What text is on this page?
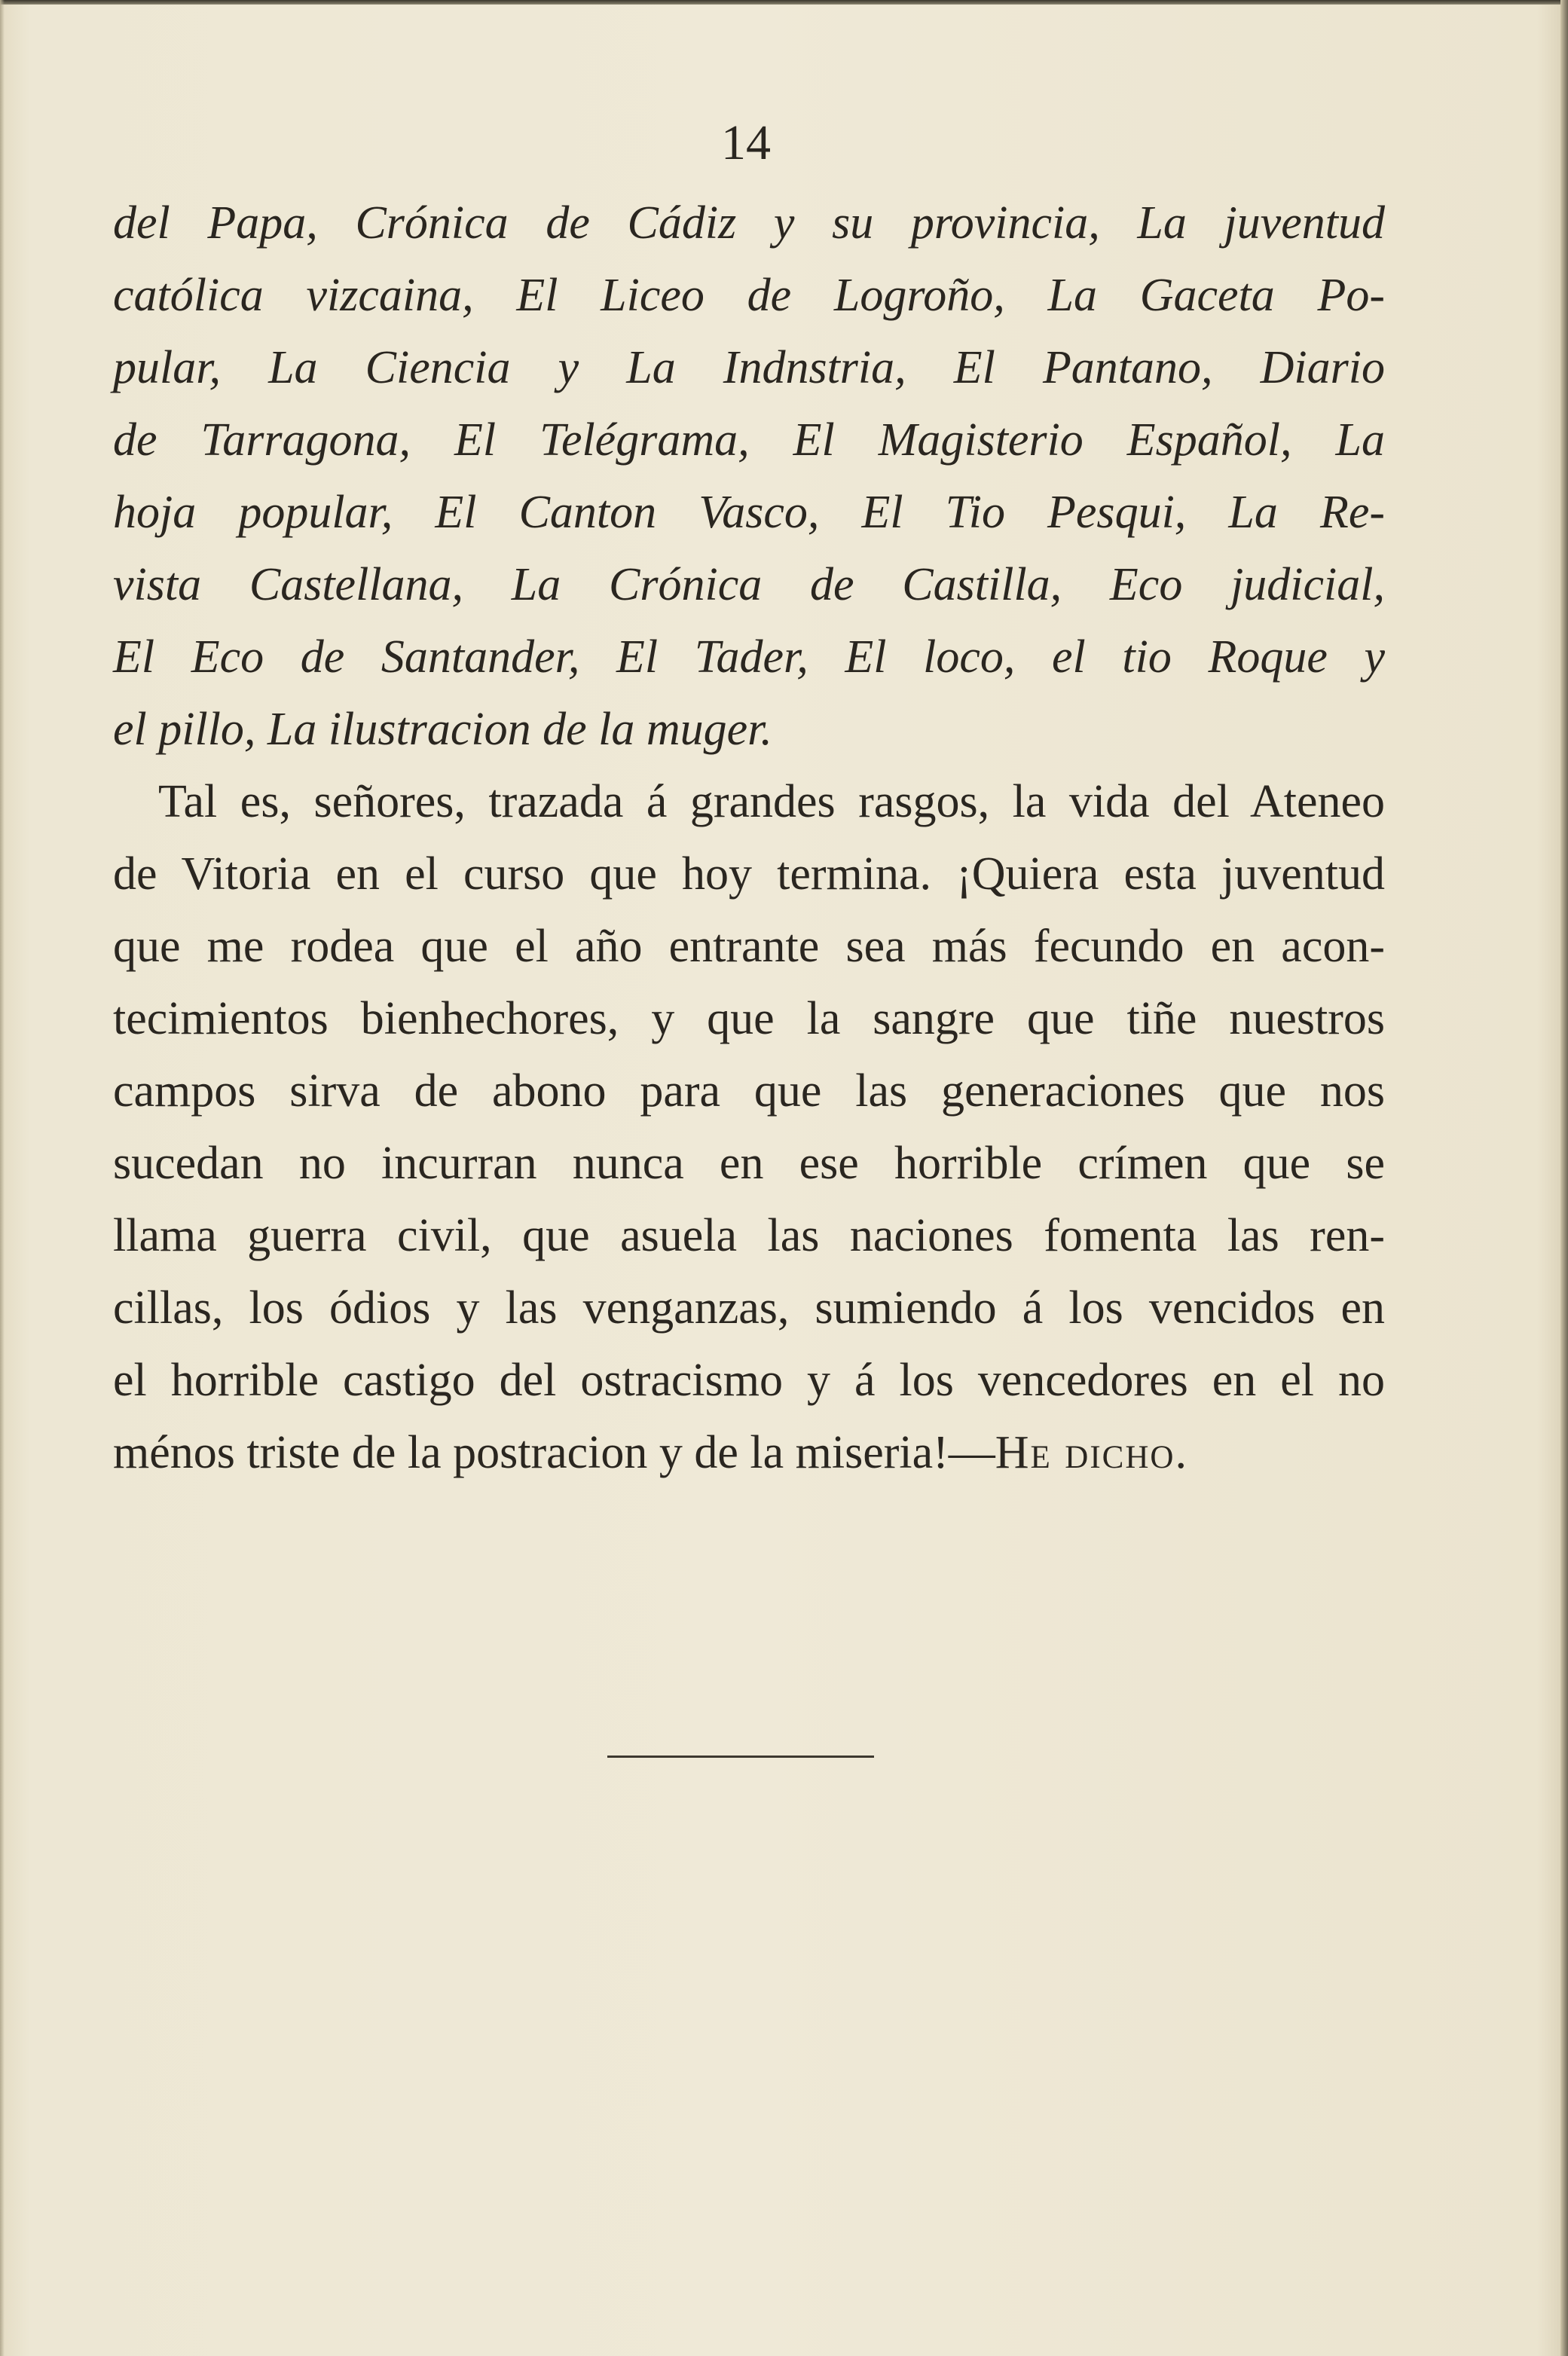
14
del Papa, Crónica de Cádiz y su provincia, La juventud
católica vizcaina, El Liceo de Logroño, La Gaceta Po-
pular, La Ciencia y La Indnstria, El Pantano, Diario
de Tarragona, El Telégrama, El Magisterio Español, La
hoja popular, El Canton Vasco, El Tio Pesqui, La Re-
vista Castellana, La Crónica de Castilla, Eco judicial,
El Eco de Santander, El Tader, El loco, el tio Roque y
el pillo, La ilustracion de la muger.
Tal es, señores, trazada á grandes rasgos, la vida del Ateneo
de Vitoria en el curso que hoy termina. ¡Quiera esta juventud
que me rodea que el año entrante sea más fecundo en acon-
tecimientos bienhechores, y que la sangre que tiñe nuestros
campos sirva de abono para que las generaciones que nos
sucedan no incurran nunca en ese horrible crímen que se
llama guerra civil, que asuela las naciones fomenta las ren-
cillas, los ódios y las venganzas, sumiendo á los vencidos en
el horrible castigo del ostracismo y á los vencedores en el no
ménos triste de la postracion y de la miseria!—He dicho.
